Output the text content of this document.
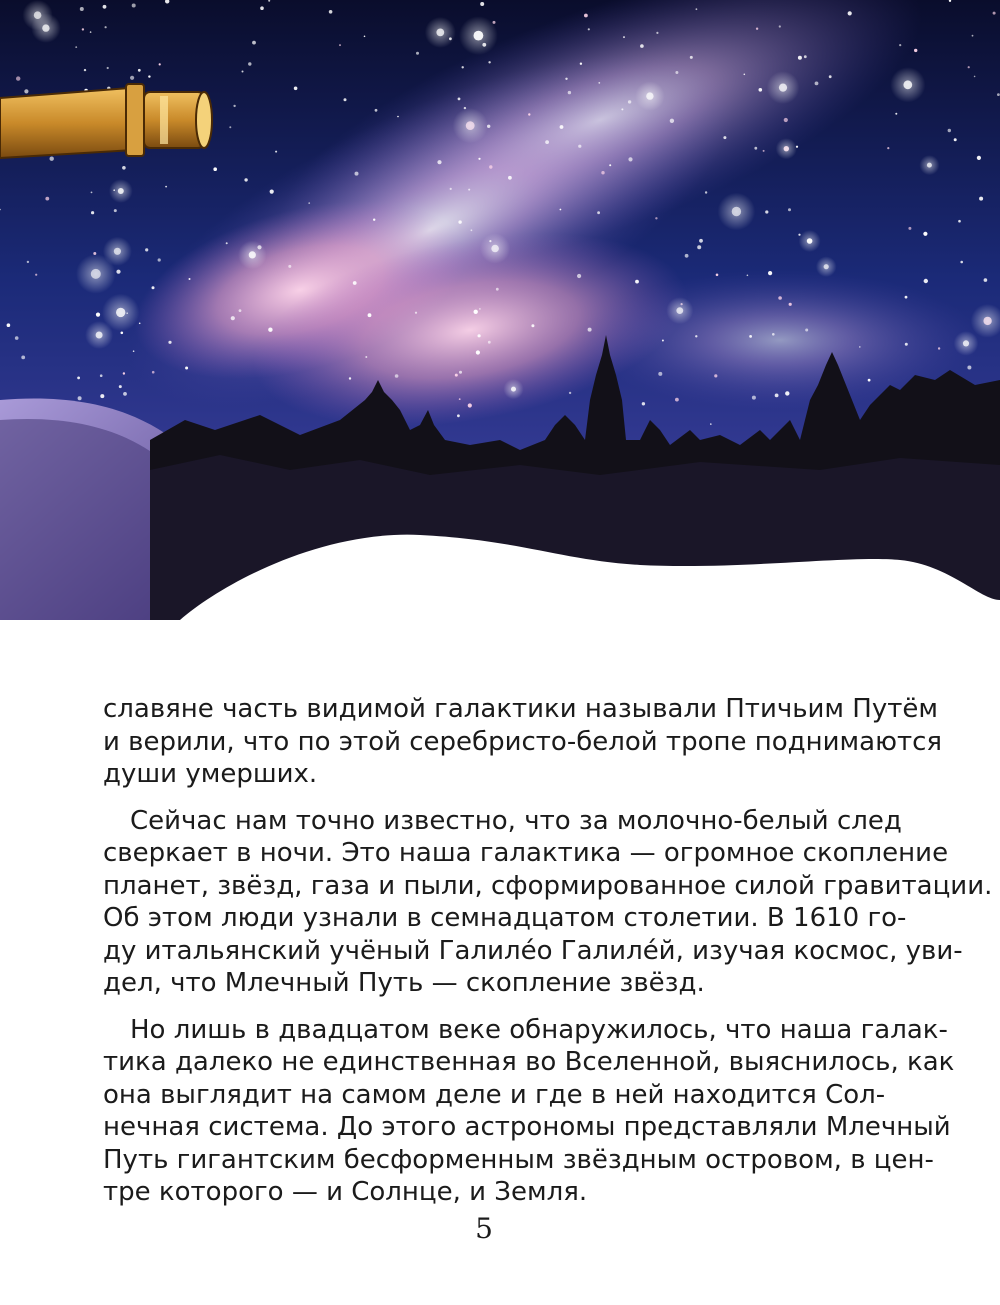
славяне часть видимой галактики называли Птичьим Путём
и верили, что по этой серебристо-белой тропе поднимаются
души умерших.
Сейчас нам точно известно, что за молочно-белый след
сверкает в ночи. Это наша галактика — огромное скопление
планет, звёзд, газа и пыли, сформированное силой гравитации.
Об этом люди узнали в семнадцатом столетии. В 1610 го-
ду итальянский учёный Галилéо Галилéй, изучая космос, уви-
дел, что Млечный Путь — скопление звёзд.
Но лишь в двадцатом веке обнаружилось, что наша галак-
тика далеко не единственная во Вселенной, выяснилось, как
она выглядит на самом деле и где в ней находится Сол-
нечная система. До этого астрономы представляли Млечный
Путь гигантским бесформенным звёздным островом, в цен-
тре которого — и Солнце, и Земля.
5
